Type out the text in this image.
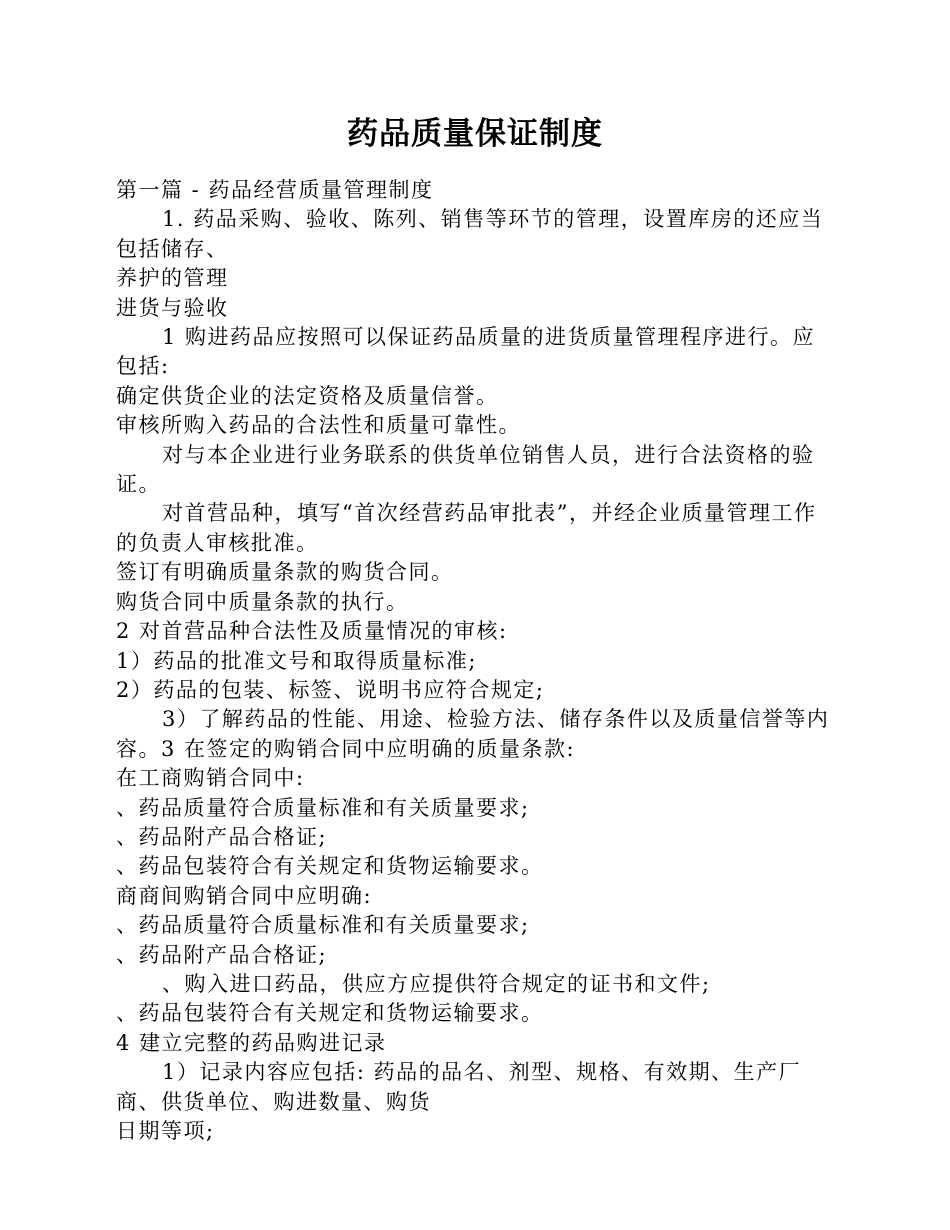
药品质量保证制度

第一篇 - 药品经营质量管理制度

1. 药品采购、验收、陈列、销售等环节的管理，设置库房的还应当包括储存、

养护的管理

进货与验收

1 购进药品应按照可以保证药品质量的进货质量管理程序进行。应包括:

确定供货企业的法定资格及质量信誉。

审核所购入药品的合法性和质量可靠性。

对与本企业进行业务联系的供货单位销售人员，进行合法资格的验证。

对首营品种，填写“首次经营药品审批表”，并经企业质量管理工作的负责人审核批准。

签订有明确质量条款的购货合同。

购货合同中质量条款的执行。

2 对首营品种合法性及质量情况的审核:

1）药品的批准文号和取得质量标准;

2）药品的包装、标签、说明书应符合规定;

3）了解药品的性能、用途、检验方法、储存条件以及质量信誉等内容。3 在签定的购销合同中应明确的质量条款:

在工商购销合同中:

、药品质量符合质量标准和有关质量要求;

、药品附产品合格证;

、药品包装符合有关规定和货物运输要求。

商商间购销合同中应明确:

、药品质量符合质量标准和有关质量要求;

、药品附产品合格证;

、购入进口药品，供应方应提供符合规定的证书和文件;

、药品包装符合有关规定和货物运输要求。

4 建立完整的药品购进记录

1）记录内容应包括: 药品的品名、剂型、规格、有效期、生产厂商、供货单位、购进数量、购货

日期等项;
